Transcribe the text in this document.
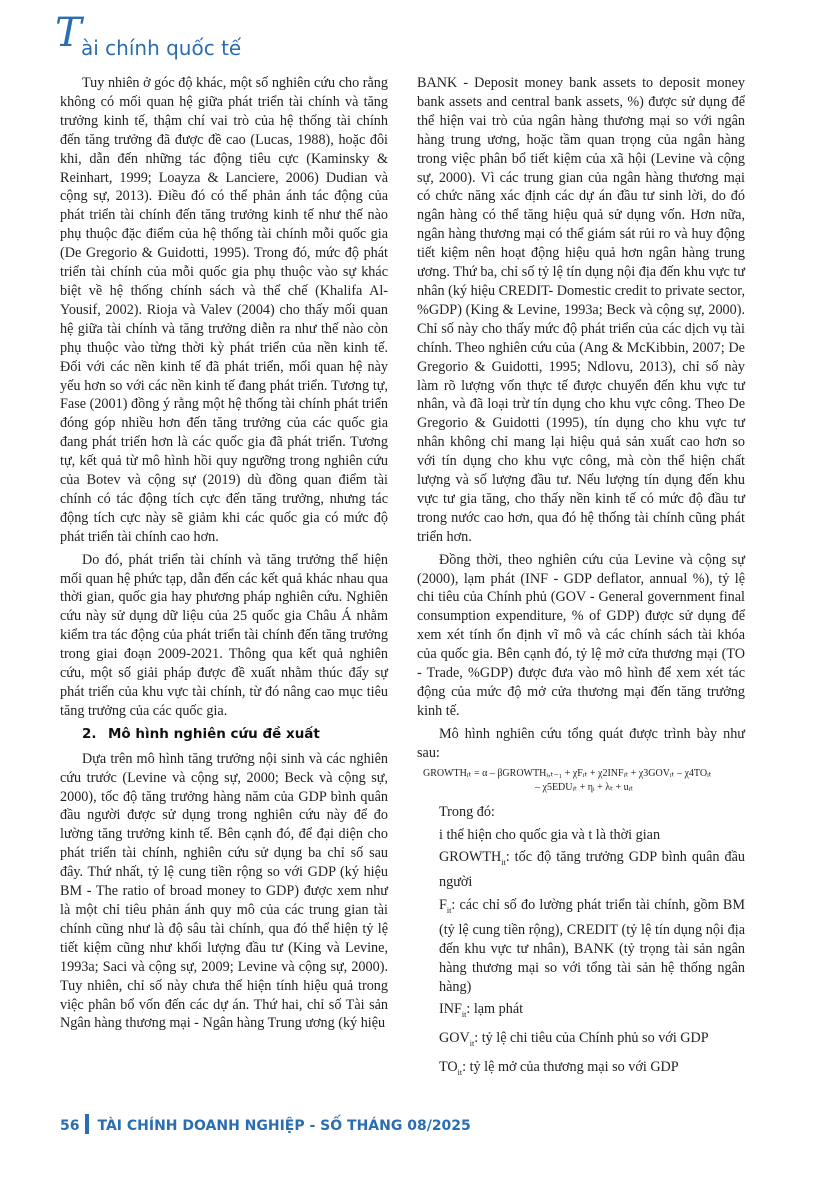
T ài chính quốc tế

Tuy nhiên ở góc độ khác, một số nghiên cứu cho rằng không có mối quan hệ giữa phát triển tài chính và tăng trưởng kinh tế, thậm chí vai trò của hệ thống tài chính đến tăng trưởng đã được đề cao (Lucas, 1988), hoặc đôi khi, dẫn đến những tác động tiêu cực (Kaminsky & Reinhart, 1999; Loayza & Lanciere, 2006) Dudian và cộng sự, 2013). Điều đó có thể phản ánh tác động của phát triển tài chính đến tăng trưởng kinh tế như thế nào phụ thuộc đặc điểm của hệ thống tài chính mỗi quốc gia (De Gregorio & Guidotti, 1995). Trong đó, mức độ phát triển tài chính của mỗi quốc gia phụ thuộc vào sự khác biệt về hệ thống chính sách và thể chế (Khalifa Al-Yousif, 2002). Rioja và Valev (2004) cho thấy mối quan hệ giữa tài chính và tăng trưởng diễn ra như thế nào còn phụ thuộc vào từng thời kỳ phát triển của nền kinh tế. Đối với các nền kinh tế đã phát triển, mối quan hệ này yếu hơn so với các nền kinh tế đang phát triển. Tương tự, Fase (2001) đồng ý rằng một hệ thống tài chính phát triển đóng góp nhiều hơn đến tăng trưởng của các quốc gia đang phát triển hơn là các quốc gia đã phát triển. Tương tự, kết quả từ mô hình hồi quy ngưỡng trong nghiên cứu của Botev và cộng sự (2019) dù đồng quan điểm tài chính có tác động tích cực đến tăng trưởng, nhưng tác động tích cực này sẽ giảm khi các quốc gia có mức độ phát triển tài chính cao hơn.

Do đó, phát triển tài chính và tăng trưởng thể hiện mối quan hệ phức tạp, dẫn đến các kết quả khác nhau qua thời gian, quốc gia hay phương pháp nghiên cứu. Nghiên cứu này sử dụng dữ liệu của 25 quốc gia Châu Á nhằm kiểm tra tác động của phát triển tài chính đến tăng trưởng trong giai đoạn 2009-2021. Thông qua kết quả nghiên cứu, một số giải pháp được đề xuất nhằm thúc đẩy sự phát triển của khu vực tài chính, từ đó nâng cao mục tiêu tăng trưởng của các quốc gia.

2. Mô hình nghiên cứu đề xuất

Dựa trên mô hình tăng trưởng nội sinh và các nghiên cứu trước (Levine và cộng sự, 2000; Beck và cộng sự, 2000), tốc độ tăng trưởng hàng năm của GDP bình quân đầu người được sử dụng trong nghiên cứu này để đo lường tăng trưởng kinh tế. Bên cạnh đó, để đại diện cho phát triển tài chính, nghiên cứu sử dụng ba chỉ số sau đây. Thứ nhất, tỷ lệ cung tiền rộng so với GDP (ký hiệu BM - The ratio of broad money to GDP) được xem như là một chỉ tiêu phản ánh quy mô của các trung gian tài chính cũng như là độ sâu tài chính, qua đó thể hiện tỷ lệ tiết kiệm cũng như khối lượng đầu tư (King và Levine, 1993a; Saci và cộng sự, 2009; Levine và cộng sự, 2000). Tuy nhiên, chỉ số này chưa thể hiện tính hiệu quả trong việc phân bổ vốn đến các dự án. Thứ hai, chỉ số Tài sản Ngân hàng thương mại - Ngân hàng Trung ương (ký hiệu

BANK - Deposit money bank assets to deposit money bank assets and central bank assets, %) được sử dụng để thể hiện vai trò của ngân hàng thương mại so với ngân hàng trung ương, hoặc tầm quan trọng của ngân hàng trong việc phân bổ tiết kiệm của xã hội (Levine và cộng sự, 2000). Vì các trung gian của ngân hàng thương mại có chức năng xác định các dự án đầu tư sinh lời, do đó ngân hàng có thể tăng hiệu quả sử dụng vốn. Hơn nữa, ngân hàng thương mại có thể giám sát rủi ro và huy động tiết kiệm nên hoạt động hiệu quả hơn ngân hàng trung ương. Thứ ba, chỉ số tỷ lệ tín dụng nội địa đến khu vực tư nhân (ký hiệu CREDIT- Domestic credit to private sector, %GDP) (King & Levine, 1993a; Beck và cộng sự, 2000). Chỉ số này cho thấy mức độ phát triển của các dịch vụ tài chính. Theo nghiên cứu của (Ang & McKibbin, 2007; De Gregorio & Guidotti, 1995; Ndlovu, 2013), chỉ số này làm rõ lượng vốn thực tế được chuyển đến khu vực tư nhân, và đã loại trừ tín dụng cho khu vực công. Theo De Gregorio & Guidotti (1995), tín dụng cho khu vực tư nhân không chỉ mang lại hiệu quả sản xuất cao hơn so với tín dụng cho khu vực công, mà còn thể hiện chất lượng và số lượng đầu tư. Nếu lượng tín dụng đến khu vực tư gia tăng, cho thấy nền kinh tế có mức độ đầu tư trong nước cao hơn, qua đó hệ thống tài chính cũng phát triển hơn.

Đồng thời, theo nghiên cứu của Levine và cộng sự (2000), lạm phát (INF - GDP deflator, annual %), tỷ lệ chi tiêu của Chính phủ (GOV - General government final consumption expenditure, % of GDP) được sử dụng để xem xét tính ổn định vĩ mô và các chính sách tài khóa của quốc gia. Bên cạnh đó, tỷ lệ mở cửa thương mại (TO - Trade, %GDP) được đưa vào mô hình để xem xét tác động của mức độ mở cửa thương mại đến tăng trưởng kinh tế.

Mô hình nghiên cứu tổng quát được trình bày như sau:

GROWTHᵢₜ = α – βGROWTHᵢ,ₜ₋₁ + χFᵢₜ + χ2INFᵢₜ + χ3GOVᵢₜ – χ4TOᵢₜ
– χ5EDUᵢₜ + ηᵢ + λₜ + uᵢₜ

Trong đó:

i thể hiện cho quốc gia và t là thời gian

$GROWTH_{it}$: tốc độ tăng trưởng GDP bình quân đầu người

$F_{it}$: các chỉ số đo lường phát triển tài chính, gồm BM (tỷ lệ cung tiền rộng), CREDIT (tỷ lệ tín dụng nội địa đến khu vực tư nhân), BANK (tỷ trọng tài sản ngân hàng thương mại so với tổng tài sản hệ thống ngân hàng)

$INF_{it}$: lạm phát

$GOV_{it}$: tỷ lệ chi tiêu của Chính phủ so với GDP

$TO_{it}$: tỷ lệ mở của thương mại so với GDP

56 TÀI CHÍNH DOANH NGHIỆP - SỐ THÁNG 08/2025
